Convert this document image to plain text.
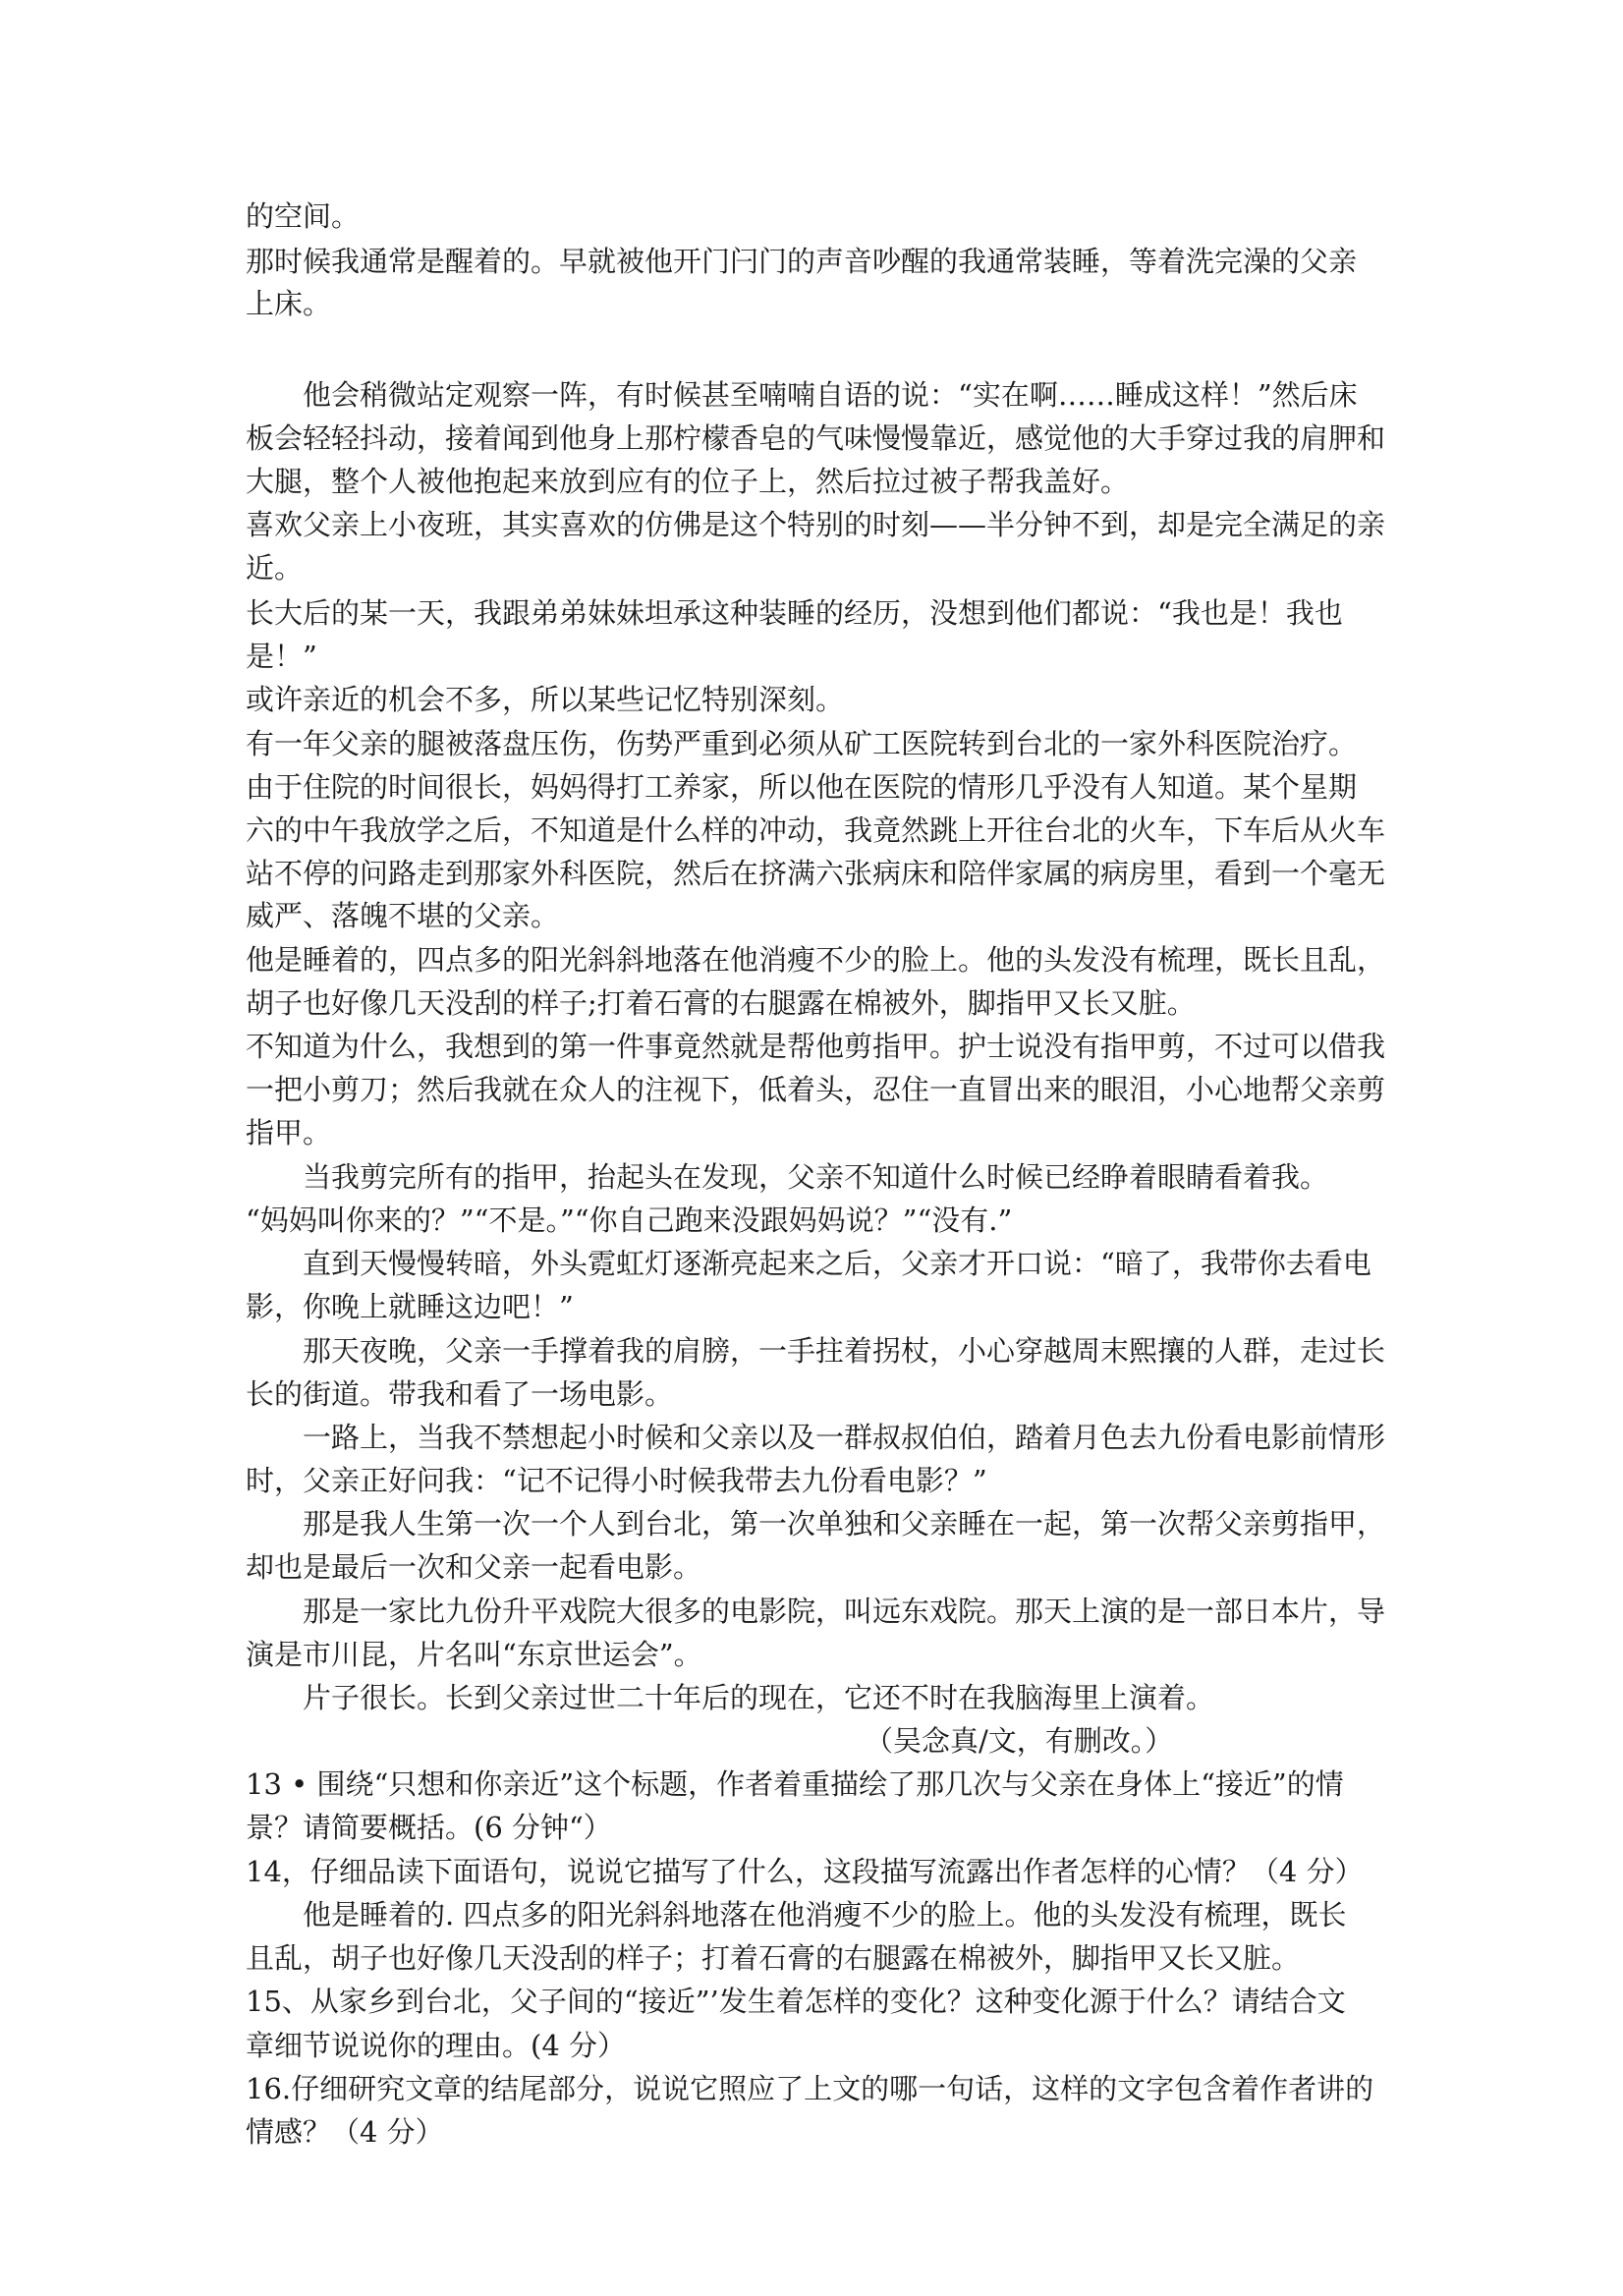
的空间。
那时候我通常是醒着的。早就被他开门闩门的声音吵醒的我通常装睡，等着洗完澡的父亲
上床。
　　他会稍微站定观察一阵，有时候甚至喃喃自语的说：“实在啊……睡成这样！”然后床
板会轻轻抖动，接着闻到他身上那柠檬香皂的气味慢慢靠近，感觉他的大手穿过我的肩胛和
大腿，整个人被他抱起来放到应有的位子上，然后拉过被子帮我盖好。
喜欢父亲上小夜班，其实喜欢的仿佛是这个特别的时刻——半分钟不到，却是完全满足的亲
近。
长大后的某一天，我跟弟弟妹妹坦承这种装睡的经历，没想到他们都说：“我也是！我也
是！”
或许亲近的机会不多，所以某些记忆特别深刻。
有一年父亲的腿被落盘压伤，伤势严重到必须从矿工医院转到台北的一家外科医院治疗。
由于住院的时间很长，妈妈得打工养家，所以他在医院的情形几乎没有人知道。某个星期
六的中午我放学之后，不知道是什么样的冲动，我竟然跳上开往台北的火车，下车后从火车
站不停的问路走到那家外科医院，然后在挤满六张病床和陪伴家属的病房里，看到一个毫无
威严、落魄不堪的父亲。
他是睡着的，四点多的阳光斜斜地落在他消瘦不少的脸上。他的头发没有梳理，既长且乱，
胡子也好像几天没刮的样子;打着石膏的右腿露在棉被外，脚指甲又长又脏。
不知道为什么，我想到的第一件事竟然就是帮他剪指甲。护士说没有指甲剪，不过可以借我
一把小剪刀；然后我就在众人的注视下，低着头，忍住一直冒出来的眼泪，小心地帮父亲剪
指甲。
　　当我剪完所有的指甲，抬起头在发现，父亲不知道什么时候已经睁着眼睛看着我。
“妈妈叫你来的？”“不是。”“你自己跑来没跟妈妈说？”“没有.”
　　直到天慢慢转暗，外头霓虹灯逐渐亮起来之后，父亲才开口说：“暗了，我带你去看电
影，你晚上就睡这边吧！”
　　那天夜晚，父亲一手撑着我的肩膀，一手拄着拐杖，小心穿越周末熙攘的人群，走过长
长的街道。带我和看了一场电影。
　　一路上，当我不禁想起小时候和父亲以及一群叔叔伯伯，踏着月色去九份看电影前情形
时，父亲正好问我：“记不记得小时候我带去九份看电影？”
　　那是我人生第一次一个人到台北，第一次单独和父亲睡在一起，第一次帮父亲剪指甲，
却也是最后一次和父亲一起看电影。
　　那是一家比九份升平戏院大很多的电影院，叫远东戏院。那天上演的是一部日本片，导
演是市川昆，片名叫“东京世运会”。
　　片子很长。长到父亲过世二十年后的现在，它还不时在我脑海里上演着。
（吴念真/文，有删改。）
13 • 围绕“只想和你亲近”这个标题，作者着重描绘了那几次与父亲在身体上“接近”的情
景？请简要概括。(6 分钟“）
14，仔细品读下面语句，说说它描写了什么，这段描写流露出作者怎样的心情？（4 分）
　　他是睡着的. 四点多的阳光斜斜地落在他消瘦不少的脸上。他的头发没有梳理，既长
且乱，胡子也好像几天没刮的样子；打着石膏的右腿露在棉被外，脚指甲又长又脏。
15、从家乡到台北，父子间的“接近”’发生着怎样的变化？这种变化源于什么？请结合文
章细节说说你的理由。(4 分）
16.仔细研究文章的结尾部分，说说它照应了上文的哪一句话，这样的文字包含着作者讲的
情感？（4 分）
